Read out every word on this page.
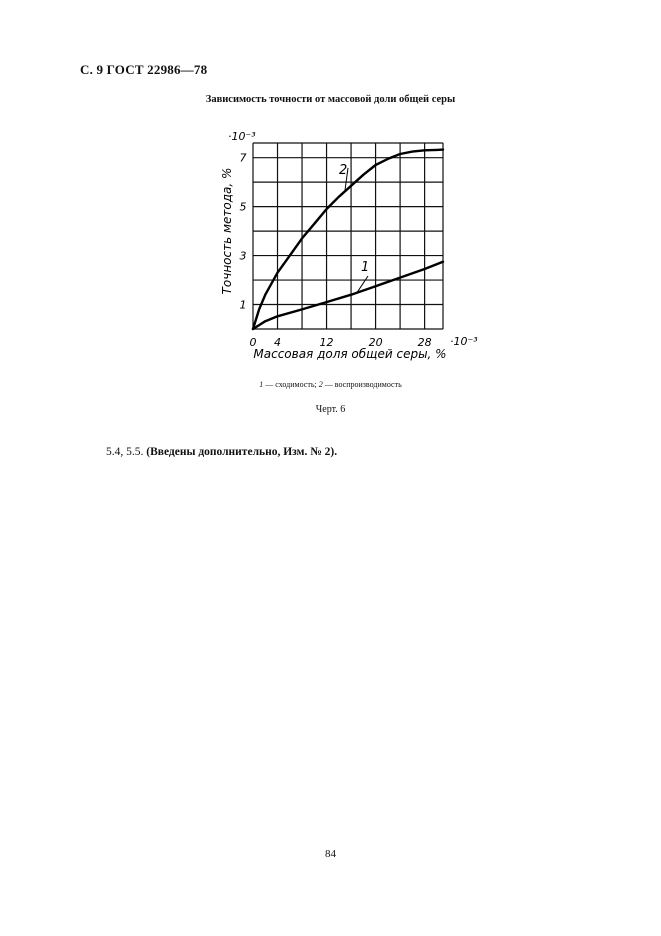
С. 9 ГОСТ 22986—78
Зависимость точности от массовой доли общей серы
·10⁻³
·10⁻³
Массовая доля общей серы, %
Точность метода, %	2
1
0 4	12	20	28
1
3
5
7
1 — сходимость; 2 — воспроизводимость
Черт. 6
5.4, 5.5. (Введены дополнительно, Изм. № 2).
84
